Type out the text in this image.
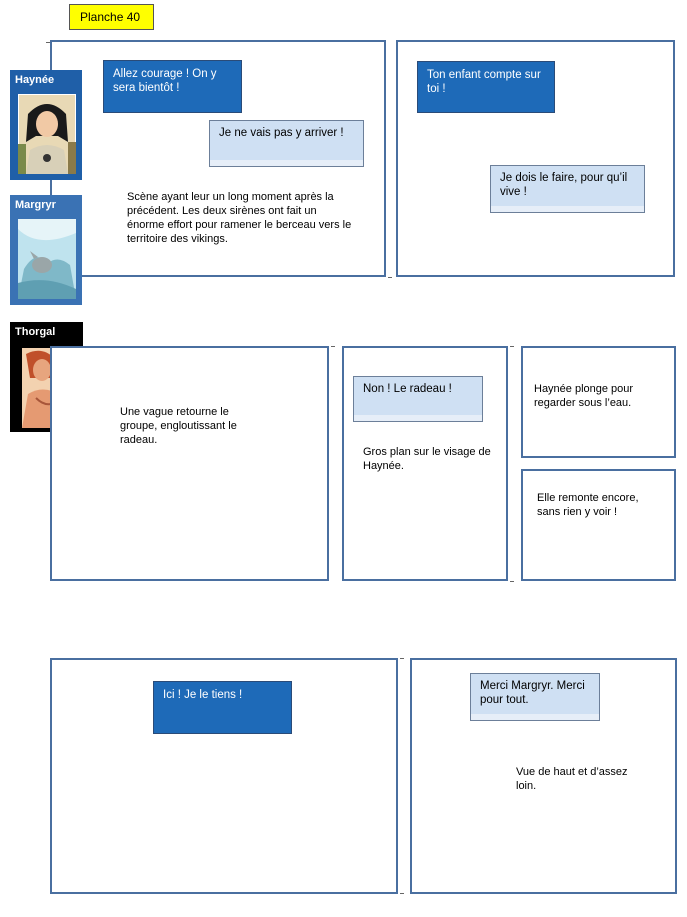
Planche 40
Allez courage ! On y sera bientôt !
Je ne vais pas y arriver !
Scène ayant leur un long moment après la précédent. Les deux sirènes ont fait un énorme effort pour ramener le berceau vers le territoire des vikings.
Ton enfant compte sur toi !
Je dois le faire, pour qu’il vive !
Haynée
Margryr
Thorgal
Une vague retourne le groupe, engloutissant le radeau.
Non ! Le radeau !
Gros plan sur le visage de Haynée.
Haynée plonge pour regarder sous l’eau.
Elle remonte encore, sans rien y voir !
Ici ! Je le tiens !
Merci Margryr. Merci pour tout.
Vue de haut et d’assez loin.
